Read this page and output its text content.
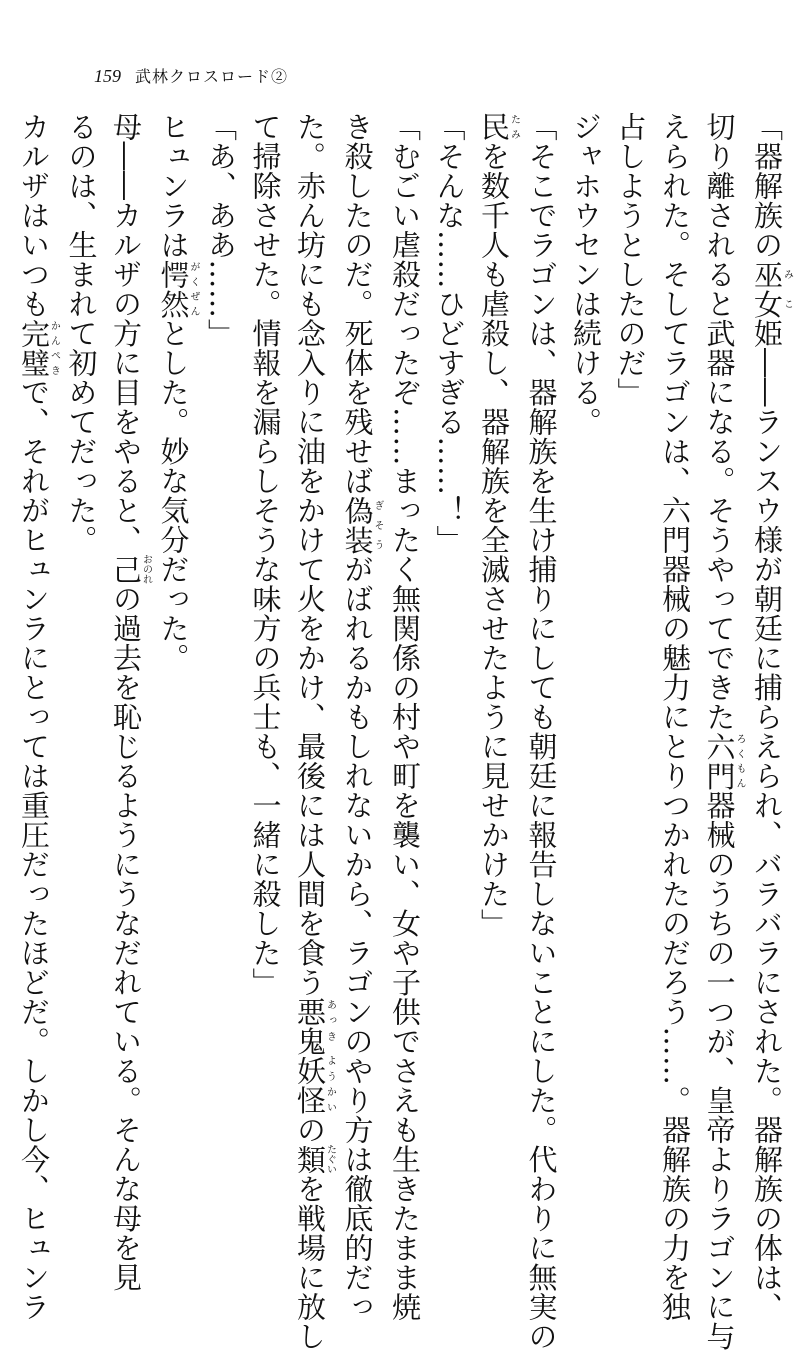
159 武林クロスロード②
「器解族の巫女みこ姫――ランスウ様が朝廷に捕らえられ、バラバラにされた。器解族の体は、
切り離されると武器になる。そうやってできた六門ろくもん器械のうちの一つが、皇帝よりラゴンに与
えられた。そしてラゴンは、六門器械の魅力にとりつかれたのだろう……。器解族の力を独
占しようとしたのだ」
ジャホウセンは続ける。
「そこでラゴンは、器解族を生け捕りにしても朝廷に報告しないことにした。代わりに無実の
民たみを数千人も虐殺し、器解族を全滅させたように見せかけた」
「そんな……ひどすぎる……！」
「むごい虐殺だったぞ……まったく無関係の村や町を襲い、女や子供でさえも生きたまま焼
き殺したのだ。死体を残せば偽装ぎそうがばれるかもしれないから、ラゴンのやり方は徹底的だっ
た。赤ん坊にも念入りに油をかけて火をかけ、最後には人間を食う悪鬼妖怪あっき ようかいの類たぐいを戦場に放し
て掃除させた。情報を漏らしそうな味方の兵士も、一緒に殺した」
「あ、ああ……」
ヒュンラは愕然がくぜんとした。妙な気分だった。
母――カルザの方に目をやると、己おのれの過去を恥じるようにうなだれている。そんな母を見
るのは、生まれて初めてだった。
カルザはいつも完璧かんぺきで、それがヒュンラにとっては重圧だったほどだ。しかし今、ヒュンラ
